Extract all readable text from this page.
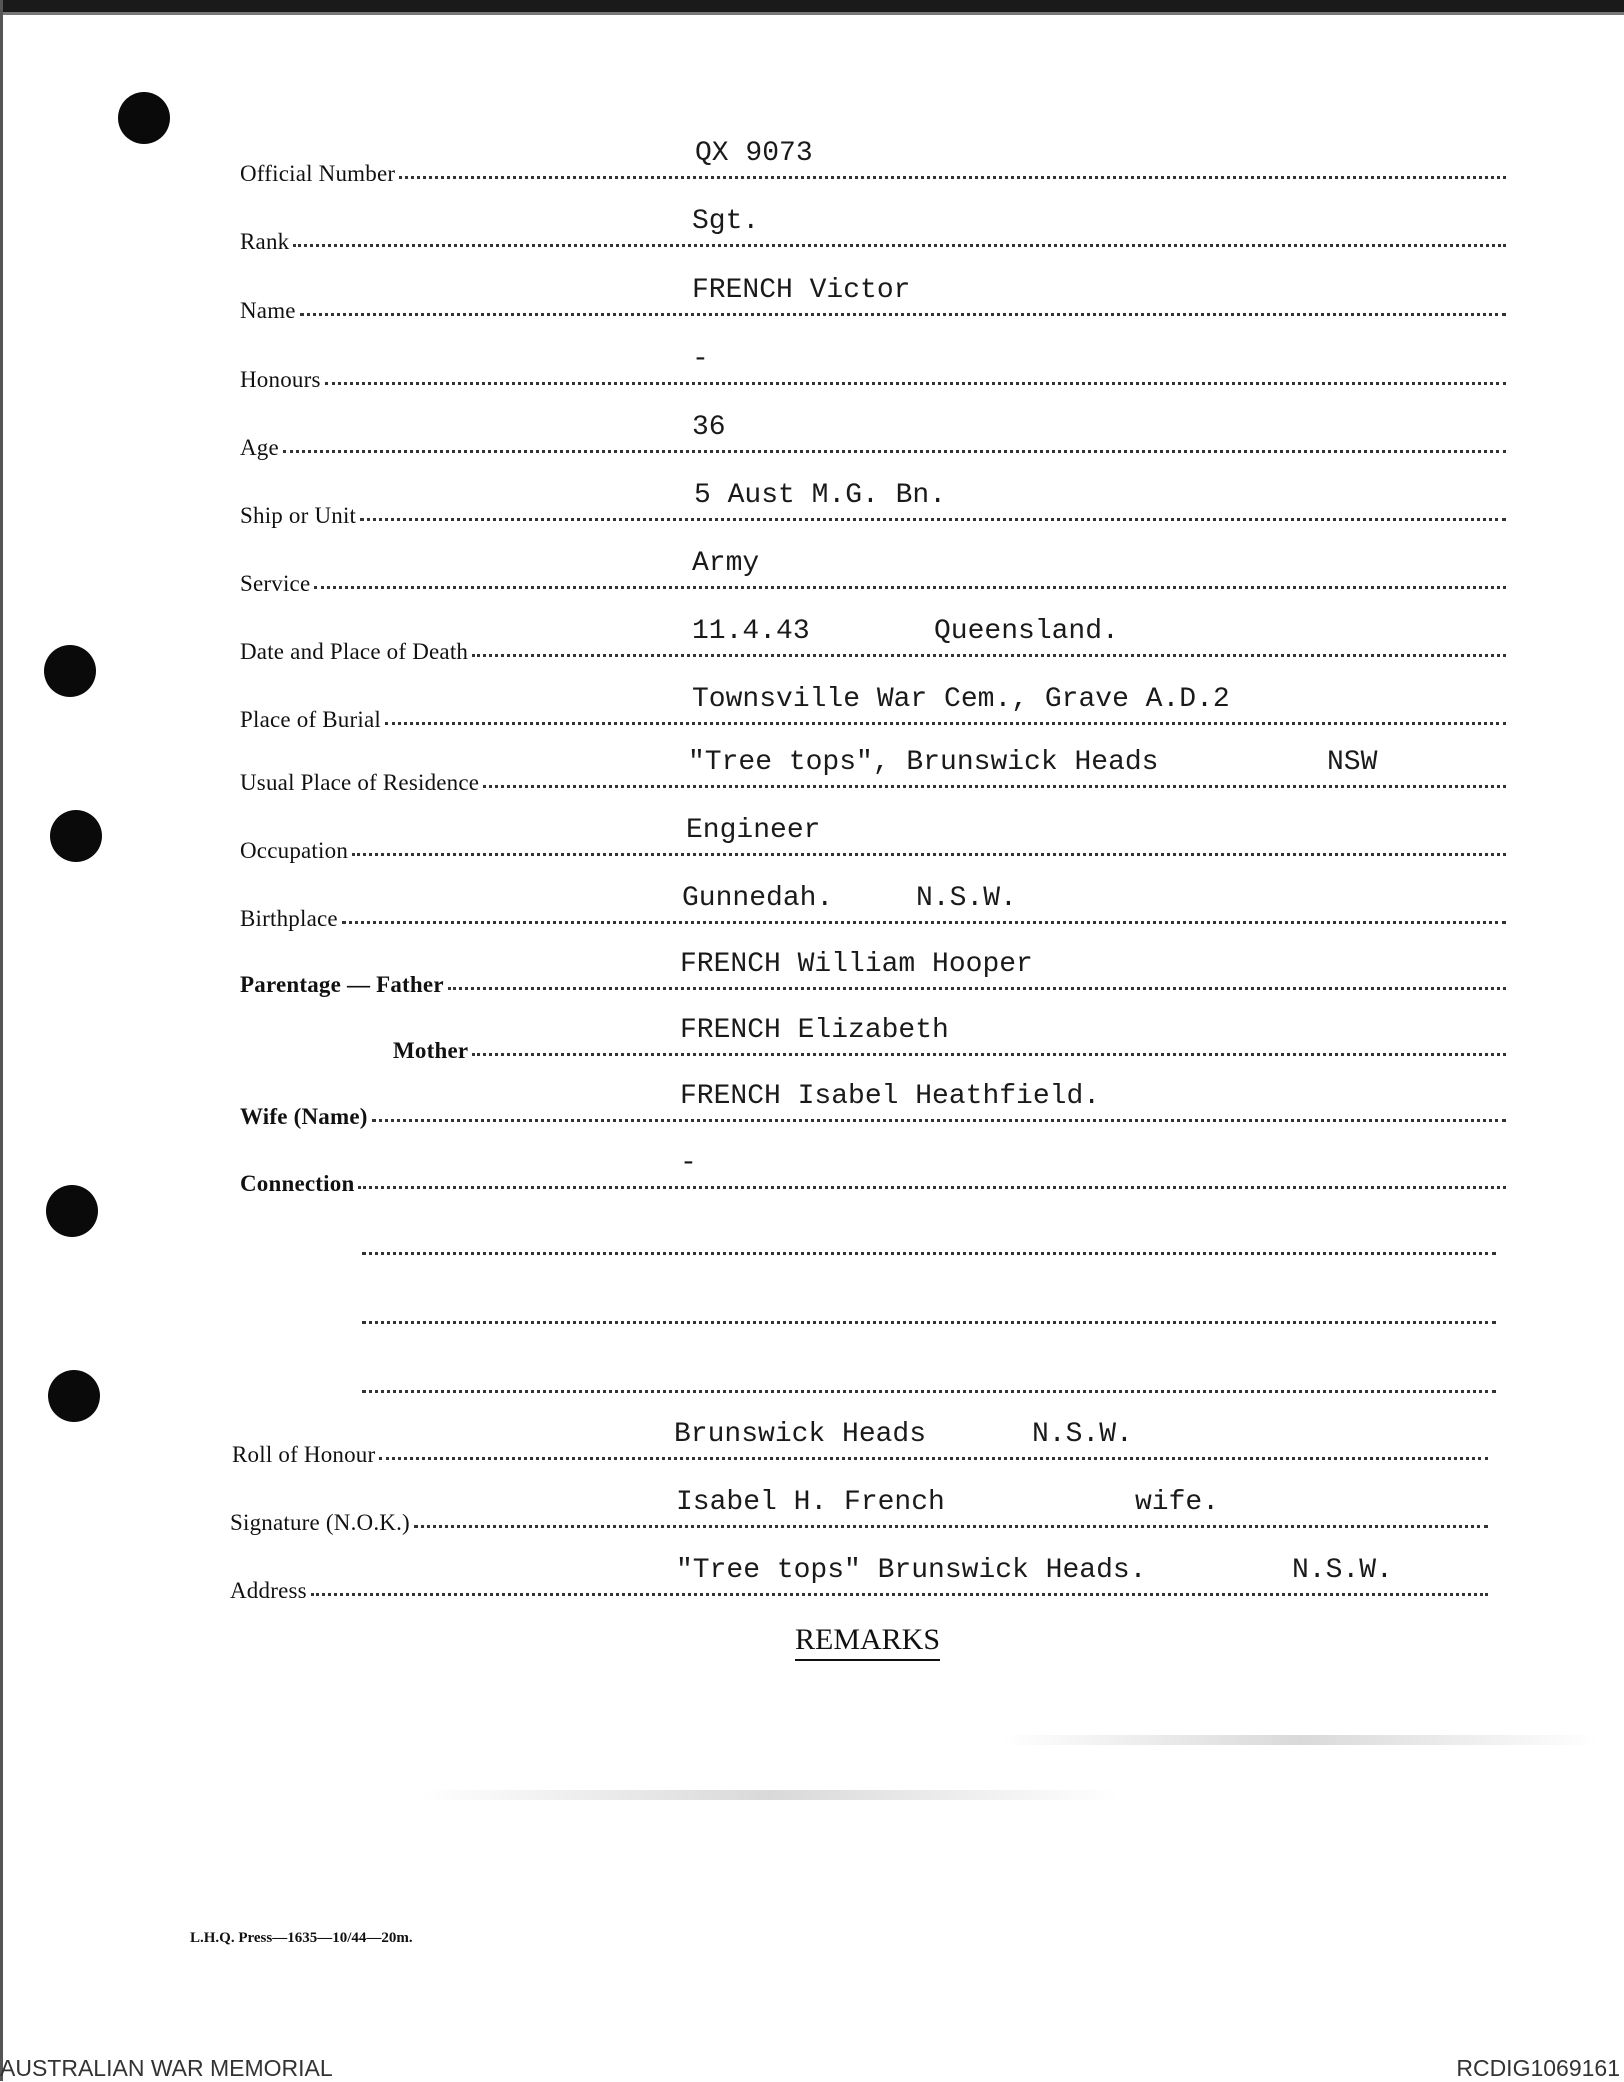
Official Number
QX 9073
Rank
Sgt.
Name
FRENCH Victor
Honours
-
Age
36
Ship or Unit
5 Aust M.G. Bn.
Service
Army
Date and Place of Death
11.4.43	Queensland.
Place of Burial
Townsville War Cem., Grave A.D.2
Usual Place of Residence
"Tree tops", Brunswick Heads	NSW
Occupation
Engineer
Birthplace
Gunnedah.	N.S.W.
Parentage — Father
FRENCH William Hooper
Mother
FRENCH Elizabeth
Wife (Name)
FRENCH Isabel Heathfield.
Connection
-
Roll of Honour
Brunswick Heads	N.S.W.
Signature (N.O.K.)
Isabel H. French	wife.
Address
"Tree tops" Brunswick Heads.	N.S.W.
REMARKS
L.H.Q. Press—1635—10/44—20m.
AUSTRALIAN WAR MEMORIAL	RCDIG1069161
